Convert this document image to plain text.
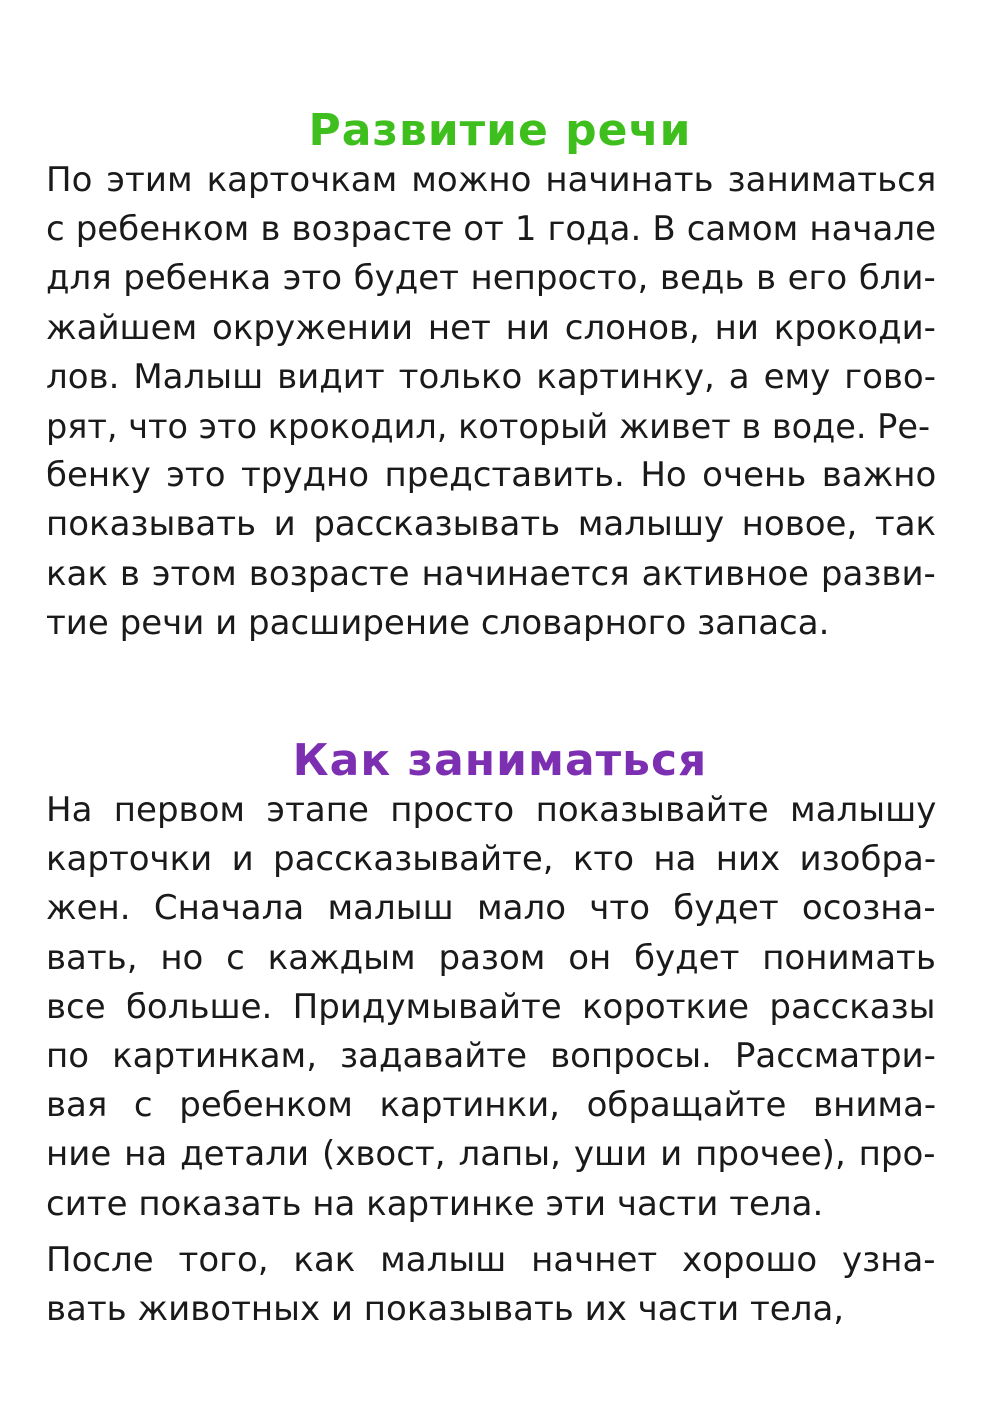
Развитие речи

По этим карточкам можно начинать заниматься
с ребенком в возрасте от 1 года. В самом начале
для ребенка это будет непросто, ведь в его бли-
жайшем окружении нет ни слонов, ни крокоди-
лов. Малыш видит только картинку, а ему гово-
рят, что это крокодил, который живет в воде. Ре-
бенку это трудно представить. Но очень важно
показывать и рассказывать малышу новое, так
как в этом возрасте начинается активное разви-
тие речи и расширение словарного запаса.

Как заниматься

На первом этапе просто показывайте малышу
карточки и рассказывайте, кто на них изобра-
жен. Сначала малыш мало что будет осозна-
вать, но с каждым разом он будет понимать
все больше. Придумывайте короткие рассказы
по картинкам, задавайте вопросы. Рассматри-
вая с ребенком картинки, обращайте внима-
ние на детали (хвост, лапы, уши и прочее), про-
сите показать на картинке эти части тела.

После того, как малыш начнет хорошо узна-
вать животных и показывать их части тела,
